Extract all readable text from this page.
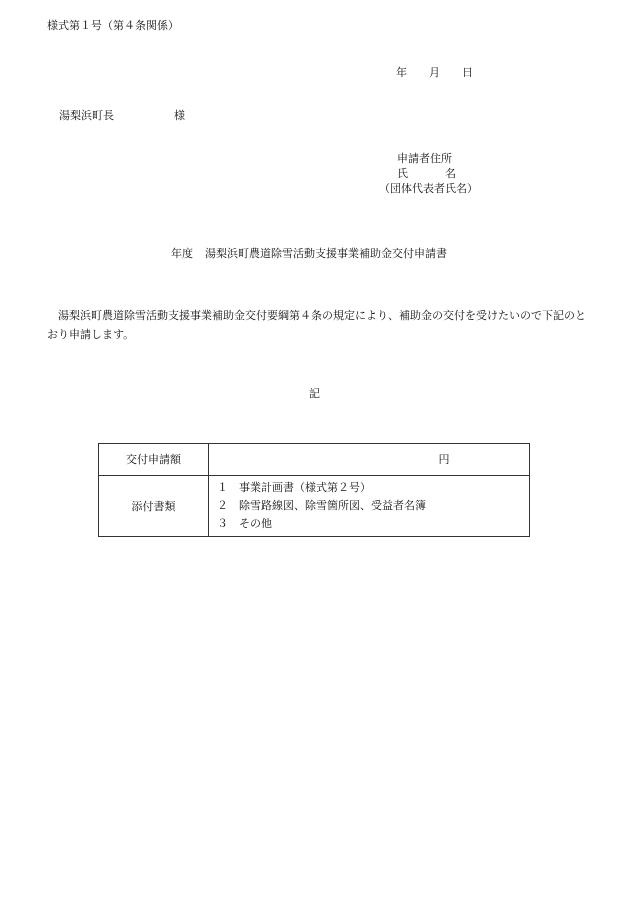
様式第１号（第４条関係）
年 月 日
湯梨浜町長	様
申請者住所
氏	名
（団体代表者氏名）
年度 湯梨浜町農道除雪活動支援事業補助金交付申請書
湯梨浜町農道除雪活動支援事業補助金交付要綱第４条の規定により、補助金の交付を受けたいので下記のとおり申請します。
記
交付申請額	円
添付書類	１ 事業計画書（様式第２号）
２ 除雪路線図、除雪箇所図、受益者名簿
３ その他
